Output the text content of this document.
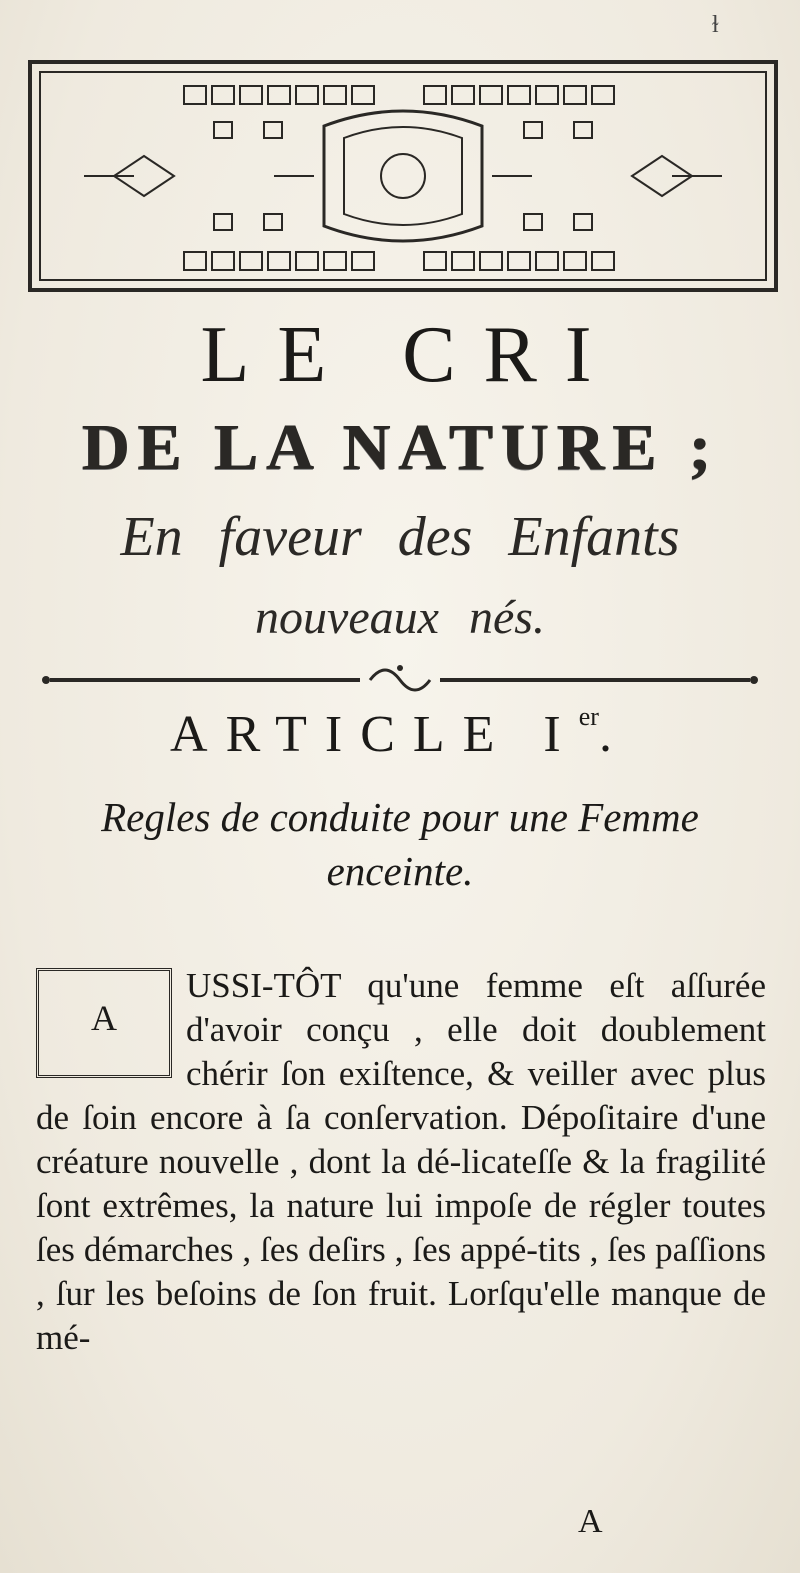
ɫ
LE CRI
DE LA NATURE ;
En faveur des Enfants
nouveaux nés.
ARTICLE Ier.
Regles de conduite pour une Femme enceinte.
A
USSI-TÔT qu'une femme eſt aſſurée d'avoir conçu , elle doit doublement chérir ſon exiſtence, & veiller avec plus de ſoin encore à ſa conſervation. Dépoſitaire d'une créature nouvelle , dont la dé-licateſſe & la fragilité ſont extrêmes, la nature lui impoſe de régler toutes ſes démarches , ſes deſirs , ſes appé-tits , ſes paſſions , ſur les beſoins de ſon fruit. Lorſqu'elle manque de mé-
A
